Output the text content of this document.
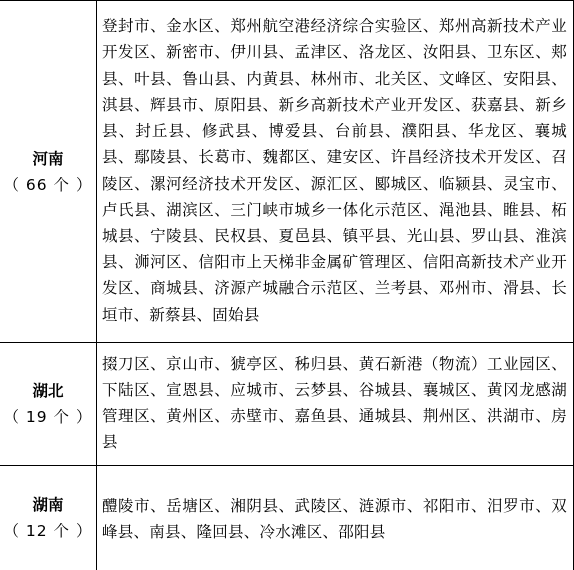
河南
（ 66 个 ）	登封市、金水区、郑州航空港经济综合实验区、郑州高新技术产业开发区、新密市、伊川县、孟津区、洛龙区、汝阳县、卫东区、郏县、叶县、鲁山县、内黄县、林州市、北关区、文峰区、安阳县、淇县、辉县市、原阳县、新乡高新技术产业开发区、获嘉县、新乡县、封丘县、修武县、博爱县、台前县、濮阳县、华龙区、襄城县、鄢陵县、长葛市、魏都区、建安区、许昌经济技术开发区、召陵区、漯河经济技术开发区、源汇区、郾城区、临颍县、灵宝市、卢氏县、湖滨区、三门峡市城乡一体化示范区、渑池县、睢县、柘城县、宁陵县、民权县、夏邑县、镇平县、光山县、罗山县、淮滨县、浉河区、信阳市上天梯非金属矿管理区、信阳高新技术产业开发区、商城县、济源产城融合示范区、兰考县、邓州市、滑县、长垣市、新蔡县、固始县

湖北
（ 19 个 ）	掇刀区、京山市、猇亭区、秭归县、黄石新港（物流）工业园区、下陆区、宣恩县、应城市、云梦县、谷城县、襄城区、黄冈龙感湖管理区、黄州区、赤壁市、嘉鱼县、通城县、荆州区、洪湖市、房县

湖南
（ 12 个 ）	醴陵市、岳塘区、湘阴县、武陵区、涟源市、祁阳市、汨罗市、双峰县、南县、隆回县、冷水滩区、邵阳县
